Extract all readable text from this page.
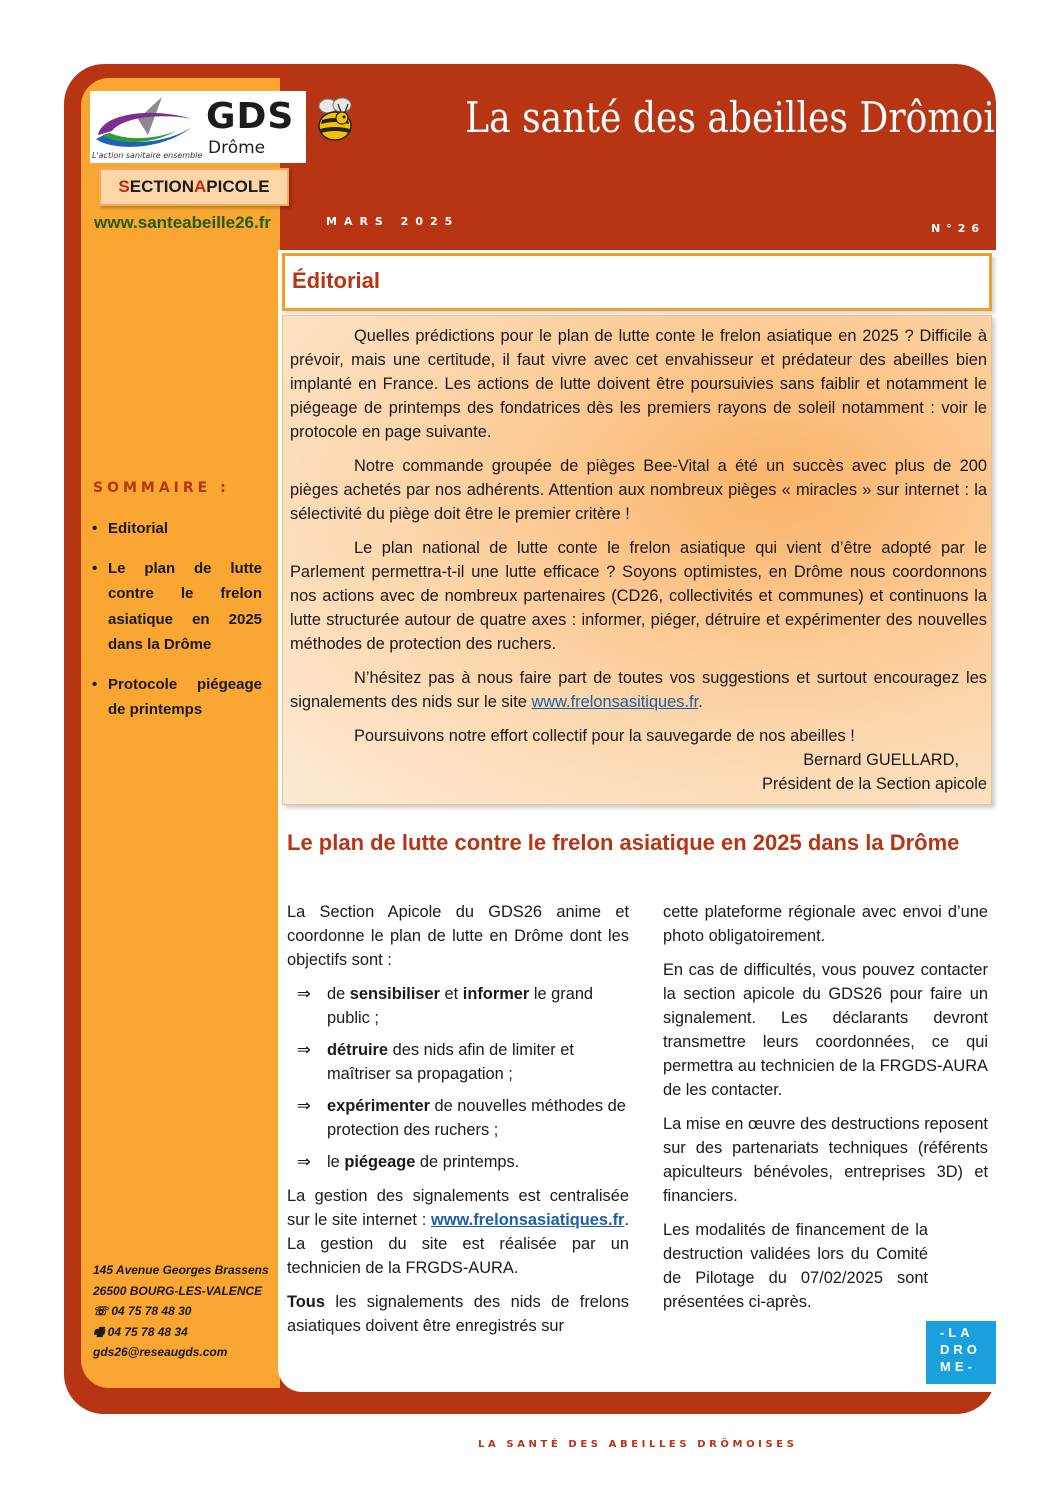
GDS
Drôme
L'action sanitaire ensemble
La santé des abeilles Drômoises
S ECTION A PICOLE
www.santeabeille26.fr	MARS 2025
N°26
Éditorial

Quelles prédictions pour le plan de lutte conte le frelon asiatique en 2025 ? Difficile à prévoir, mais une certitude, il faut vivre avec cet envahisseur et prédateur des abeilles bien implanté en France. Les actions de lutte doivent être poursuivies sans faiblir et notamment le piégeage de printemps des fondatrices dès les premiers rayons de soleil notamment : voir le protocole en page suivante.

Notre commande groupée de pièges Bee-Vital a été un succès avec plus de 200 pièges achetés par nos adhérents. Attention aux nombreux pièges « miracles » sur internet : la sélectivité du piège doit être le premier critère !

Le plan national de lutte conte le frelon asiatique qui vient d’être adopté par le Parlement permettra-t-il une lutte efficace ? Soyons optimistes, en Drôme nous coordonnons nos actions avec de nombreux partenaires (CD26, collectivités et communes) et continuons la lutte structurée autour de quatre axes : informer, piéger, détruire et expérimenter des nouvelles méthodes de protection des ruchers.

N’hésitez pas à nous faire part de toutes vos suggestions et surtout encouragez les signalements des nids sur le site www.frelonsasitiques.fr.

Poursuivons notre effort collectif pour la sauvegarde de nos abeilles !

Bernard GUELLARD,
Président de la Section apicole
SOMMAIRE :
• Editorial
• Le plan de lutte contre le frelon asiatique en 2025 dans la Drôme
• Protocole piégeage de printemps
145 Avenue Georges Brassens
26500 BOURG-LES-VALENCE
☏ 04 75 78 48 30
🖷 04 75 78 48 34
gds26@reseaugds.com
Le plan de lutte contre le frelon asiatique en 2025 dans la Drôme

La Section Apicole du GDS26 anime et coordonne le plan de lutte en Drôme dont les objectifs sont :

⇒ de sensibiliser et informer le grand public ;
⇒ détruire des nids afin de limiter et maîtriser sa propagation ;
⇒ expérimenter de nouvelles méthodes de protection des ruchers ;
⇒ le piégeage de printemps.

La gestion des signalements est centralisée sur le site internet : www.frelonsasiatiques.fr. La gestion du site est réalisée par un technicien de la FRGDS-AURA.

Tous les signalements des nids de frelons asiatiques doivent être enregistrés sur

cette plateforme régionale avec envoi d’une photo obligatoirement.

En cas de difficultés, vous pouvez contacter la section apicole du GDS26 pour faire un signalement. Les déclarants devront transmettre leurs coordonnées, ce qui permettra au technicien de la FRGDS-AURA de les contacter.

La mise en œuvre des destructions reposent sur des partenariats techniques (référents apiculteurs bénévoles, entreprises 3D) et financiers.

Les modalités de financement de la destruction validées lors du Comité de Pilotage du 07/02/2025 sont présentées ci-après.

-LA
DRO
ME-
LA SANTÉ DES ABEILLES DRÔMOISES
